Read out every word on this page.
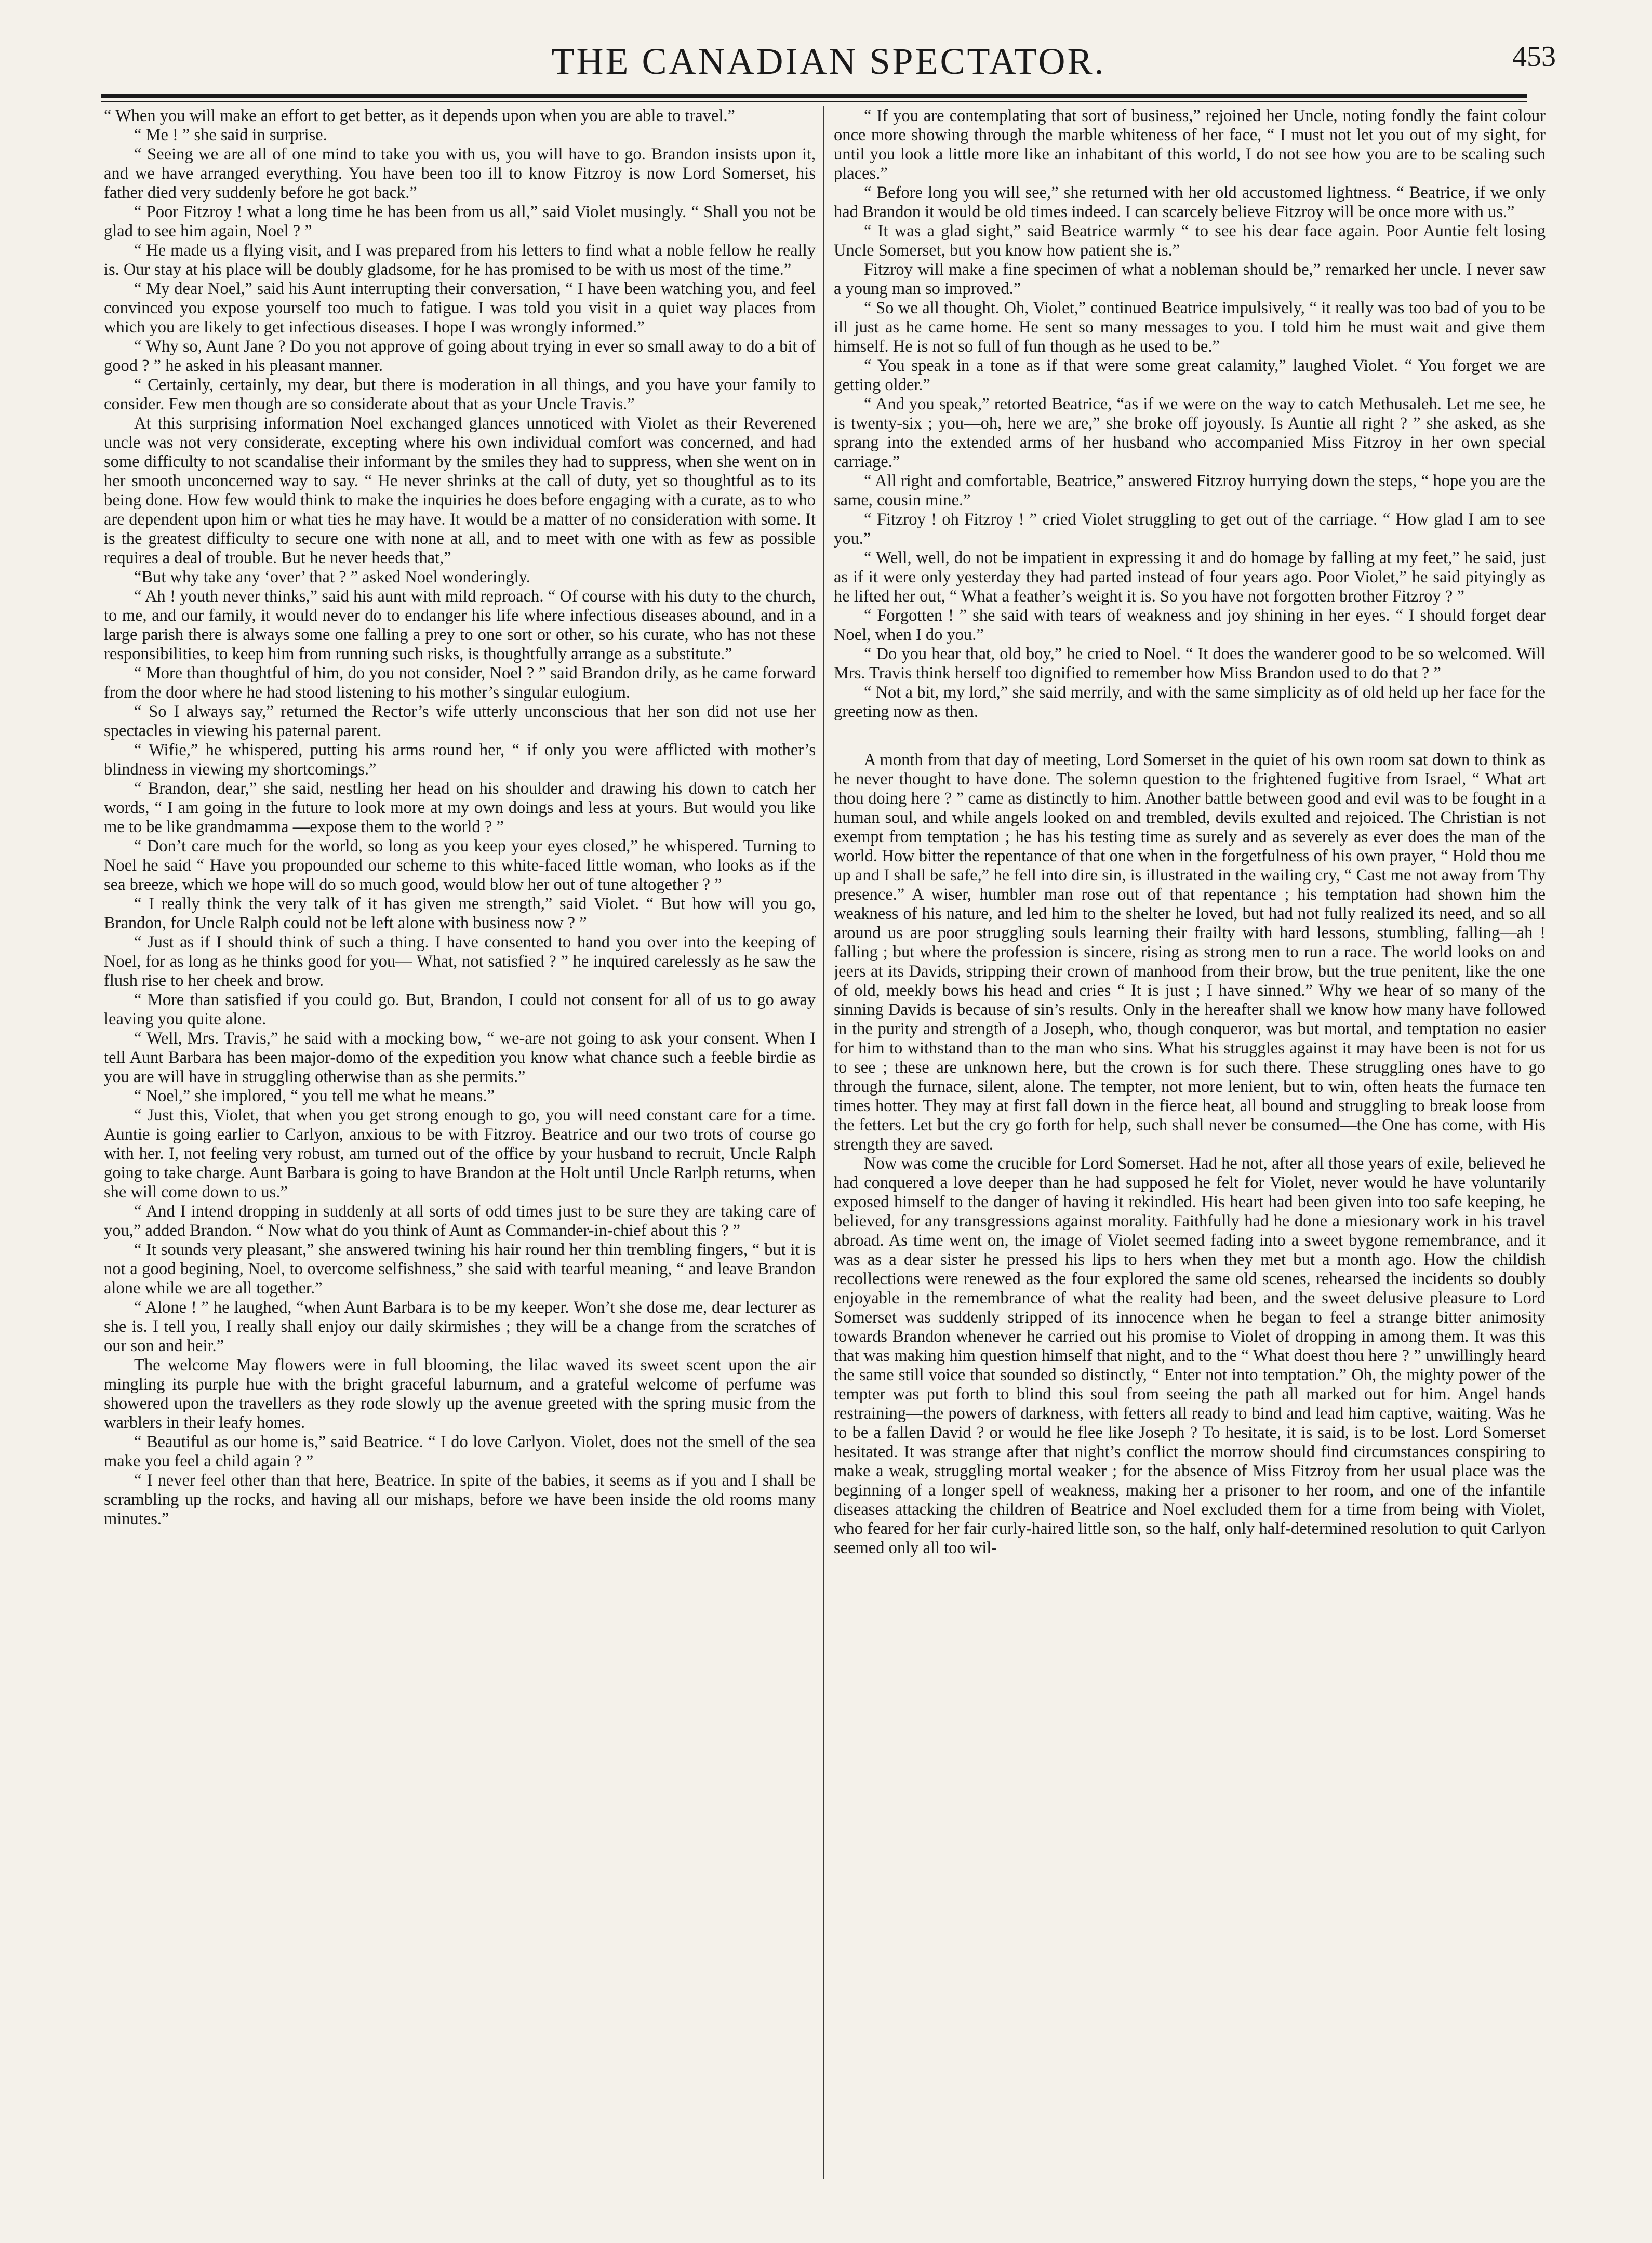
THE CANADIAN SPECTATOR.	453

“ When you will make an effort to get better, as it depends upon when you are able to travel.”

“ Me ! ” she said in surprise.

“ Seeing we are all of one mind to take you with us, you will have to go. Brandon insists upon it, and we have arranged everything. You have been too ill to know Fitzroy is now Lord Somerset, his father died very suddenly before he got back.”

“ Poor Fitzroy ! what a long time he has been from us all,” said Violet musingly. “ Shall you not be glad to see him again, Noel ? ”

“ He made us a flying visit, and I was prepared from his letters to find what a noble fellow he really is. Our stay at his place will be doubly gladsome, for he has promised to be with us most of the time.”

“ My dear Noel,” said his Aunt interrupting their conversation, “ I have been watching you, and feel convinced you expose yourself too much to fatigue. I was told you visit in a quiet way places from which you are likely to get infectious diseases. I hope I was wrongly informed.”

“ Why so, Aunt Jane ? Do you not approve of going about trying in ever so small away to do a bit of good ? ” he asked in his pleasant manner.

“ Certainly, certainly, my dear, but there is moderation in all things, and you have your family to consider. Few men though are so considerate about that as your Uncle Travis.”

At this surprising information Noel exchanged glances unnoticed with Violet as their Reverened uncle was not very considerate, excepting where his own individual comfort was concerned, and had some difficulty to not scandalise their informant by the smiles they had to suppress, when she went on in her smooth unconcerned way to say. “ He never shrinks at the call of duty, yet so thoughtful as to its being done. How few would think to make the inquiries he does before engaging with a curate, as to who are dependent upon him or what ties he may have. It would be a matter of no consideration with some. It is the greatest difficulty to secure one with none at all, and to meet with one with as few as possible requires a deal of trouble. But he never heeds that,”

“But why take any ‘over’ that ? ” asked Noel wonderingly.

“ Ah ! youth never thinks,” said his aunt with mild reproach. “ Of course with his duty to the church, to me, and our family, it would never do to endanger his life where infectious diseases abound, and in a large parish there is always some one falling a prey to one sort or other, so his curate, who has not these responsibilities, to keep him from running such risks, is thoughtfully arrange as a substitute.”

“ More than thoughtful of him, do you not consider, Noel ? ” said Brandon drily, as he came forward from the door where he had stood listening to his mother’s singular eulogium.

“ So I always say,” returned the Rector’s wife utterly unconscious that her son did not use her spectacles in viewing his paternal parent.

“ Wifie,” he whispered, putting his arms round her, “ if only you were afflicted with mother’s blindness in viewing my shortcomings.”

“ Brandon, dear,” she said, nestling her head on his shoulder and drawing his down to catch her words, “ I am going in the future to look more at my own doings and less at yours. But would you like me to be like grandmamma —expose them to the world ? ”

“ Don’t care much for the world, so long as you keep your eyes closed,” he whispered. Turning to Noel he said “ Have you propounded our scheme to this white-faced little woman, who looks as if the sea breeze, which we hope will do so much good, would blow her out of tune altogether ? ”

“ I really think the very talk of it has given me strength,” said Violet. “ But how will you go, Brandon, for Uncle Ralph could not be left alone with business now ? ”

“ Just as if I should think of such a thing. I have consented to hand you over into the keeping of Noel, for as long as he thinks good for you— What, not satisfied ? ” he inquired carelessly as he saw the flush rise to her cheek and brow.

“ More than satisfied if you could go. But, Brandon, I could not consent for all of us to go away leaving you quite alone.

“ Well, Mrs. Travis,” he said with a mocking bow, “ we-are not going to ask your consent. When I tell Aunt Barbara has been major-domo of the expedition you know what chance such a feeble birdie as you are will have in struggling otherwise than as she permits.”

“ Noel,” she implored, “ you tell me what he means.”

“ Just this, Violet, that when you get strong enough to go, you will need constant care for a time. Auntie is going earlier to Carlyon, anxious to be with Fitzroy. Beatrice and our two trots of course go with her. I, not feeling very robust, am turned out of the office by your husband to recruit, Uncle Ralph going to take charge. Aunt Barbara is going to have Brandon at the Holt until Uncle Rarlph returns, when she will come down to us.”

“ And I intend dropping in suddenly at all sorts of odd times just to be sure they are taking care of you,” added Brandon. “ Now what do you think of Aunt as Commander-in-chief about this ? ”

“ It sounds very pleasant,” she answered twining his hair round her thin trembling fingers, “ but it is not a good begining, Noel, to overcome selfishness,” she said with tearful meaning, “ and leave Brandon alone while we are all together.”

“ Alone ! ” he laughed, “when Aunt Barbara is to be my keeper. Won’t she dose me, dear lecturer as she is. I tell you, I really shall enjoy our daily skirmishes ; they will be a change from the scratches of our son and heir.”

The welcome May flowers were in full blooming, the lilac waved its sweet scent upon the air mingling its purple hue with the bright graceful laburnum, and a grateful welcome of perfume was showered upon the travellers as they rode slowly up the avenue greeted with the spring music from the warblers in their leafy homes.

“ Beautiful as our home is,” said Beatrice. “ I do love Carlyon. Violet, does not the smell of the sea make you feel a child again ? ”

“ I never feel other than that here, Beatrice. In spite of the babies, it seems as if you and I shall be scrambling up the rocks, and having all our mishaps, before we have been inside the old rooms many minutes.”

“ If you are contemplating that sort of business,” rejoined her Uncle, noting fondly the faint colour once more showing through the marble whiteness of her face, “ I must not let you out of my sight, for until you look a little more like an inhabitant of this world, I do not see how you are to be scaling such places.”

“ Before long you will see,” she returned with her old accustomed lightness. “ Beatrice, if we only had Brandon it would be old times indeed. I can scarcely believe Fitzroy will be once more with us.”

“ It was a glad sight,” said Beatrice warmly “ to see his dear face again. Poor Auntie felt losing Uncle Somerset, but you know how patient she is.”

Fitzroy will make a fine specimen of what a nobleman should be,” remarked her uncle. I never saw a young man so improved.”

“ So we all thought. Oh, Violet,” continued Beatrice impulsively, “ it really was too bad of you to be ill just as he came home. He sent so many messages to you. I told him he must wait and give them himself. He is not so full of fun though as he used to be.”

“ You speak in a tone as if that were some great calamity,” laughed Violet. “ You forget we are getting older.”

“ And you speak,” retorted Beatrice, “as if we were on the way to catch Methusaleh. Let me see, he is twenty-six ; you—oh, here we are,” she broke off joyously. Is Auntie all right ? ” she asked, as she sprang into the extended arms of her husband who accompanied Miss Fitzroy in her own special carriage.”

“ All right and comfortable, Beatrice,” answered Fitzroy hurrying down the steps, “ hope you are the same, cousin mine.”

“ Fitzroy ! oh Fitzroy ! ” cried Violet struggling to get out of the carriage. “ How glad I am to see you.”

“ Well, well, do not be impatient in expressing it and do homage by falling at my feet,” he said, just as if it were only yesterday they had parted instead of four years ago. Poor Violet,” he said pityingly as he lifted her out, “ What a feather’s weight it is. So you have not forgotten brother Fitzroy ? ”

“ Forgotten ! ” she said with tears of weakness and joy shining in her eyes. “ I should forget dear Noel, when I do you.”

“ Do you hear that, old boy,” he cried to Noel. “ It does the wanderer good to be so welcomed. Will Mrs. Travis think herself too dignified to remember how Miss Brandon used to do that ? ”

“ Not a bit, my lord,” she said merrily, and with the same simplicity as of old held up her face for the greeting now as then.

A month from that day of meeting, Lord Somerset in the quiet of his own room sat down to think as he never thought to have done. The solemn question to the frightened fugitive from Israel, “ What art thou doing here ? ” came as distinctly to him. Another battle between good and evil was to be fought in a human soul, and while angels looked on and trembled, devils exulted and rejoiced. The Christian is not exempt from temptation ; he has his testing time as surely and as severely as ever does the man of the world. How bitter the repentance of that one when in the forgetfulness of his own prayer, “ Hold thou me up and I shall be safe,” he fell into dire sin, is illustrated in the wailing cry, “ Cast me not away from Thy presence.” A wiser, humbler man rose out of that repentance ; his temptation had shown him the weakness of his nature, and led him to the shelter he loved, but had not fully realized its need, and so all around us are poor struggling souls learning their frailty with hard lessons, stumbling, falling—ah ! falling ; but where the profession is sincere, rising as strong men to run a race. The world looks on and jeers at its Davids, stripping their crown of manhood from their brow, but the true penitent, like the one of old, meekly bows his head and cries “ It is just ; I have sinned.” Why we hear of so many of the sinning Davids is because of sin’s results. Only in the hereafter shall we know how many have followed in the purity and strength of a Joseph, who, though conqueror, was but mortal, and temptation no easier for him to withstand than to the man who sins. What his struggles against it may have been is not for us to see ; these are unknown here, but the crown is for such there. These struggling ones have to go through the furnace, silent, alone. The tempter, not more lenient, but to win, often heats the furnace ten times hotter. They may at first fall down in the fierce heat, all bound and struggling to break loose from the fetters. Let but the cry go forth for help, such shall never be consumed—the One has come, with His strength they are saved.

Now was come the crucible for Lord Somerset. Had he not, after all those years of exile, believed he had conquered a love deeper than he had supposed he felt for Violet, never would he have voluntarily exposed himself to the danger of having it rekindled. His heart had been given into too safe keeping, he believed, for any transgressions against morality. Faithfully had he done a miesionary work in his travel abroad. As time went on, the image of Violet seemed fading into a sweet bygone remembrance, and it was as a dear sister he pressed his lips to hers when they met but a month ago. How the childish recollections were renewed as the four explored the same old scenes, rehearsed the incidents so doubly enjoyable in the remembrance of what the reality had been, and the sweet delusive pleasure to Lord Somerset was suddenly stripped of its innocence when he began to feel a strange bitter animosity towards Brandon whenever he carried out his promise to Violet of dropping in among them. It was this that was making him question himself that night, and to the “ What doest thou here ? ” unwillingly heard the same still voice that sounded so distinctly, “ Enter not into temptation.” Oh, the mighty power of the tempter was put forth to blind this soul from seeing the path all marked out for him. Angel hands restraining—the powers of darkness, with fetters all ready to bind and lead him captive, waiting. Was he to be a fallen David ? or would he flee like Joseph ? To hesitate, it is said, is to be lost. Lord Somerset hesitated. It was strange after that night’s conflict the morrow should find circumstances conspiring to make a weak, struggling mortal weaker ; for the absence of Miss Fitzroy from her usual place was the beginning of a longer spell of weakness, making her a prisoner to her room, and one of the infantile diseases attacking the children of Beatrice and Noel excluded them for a time from being with Violet, who feared for her fair curly-haired little son, so the half, only half-determined resolution to quit Carlyon seemed only all too wil-
